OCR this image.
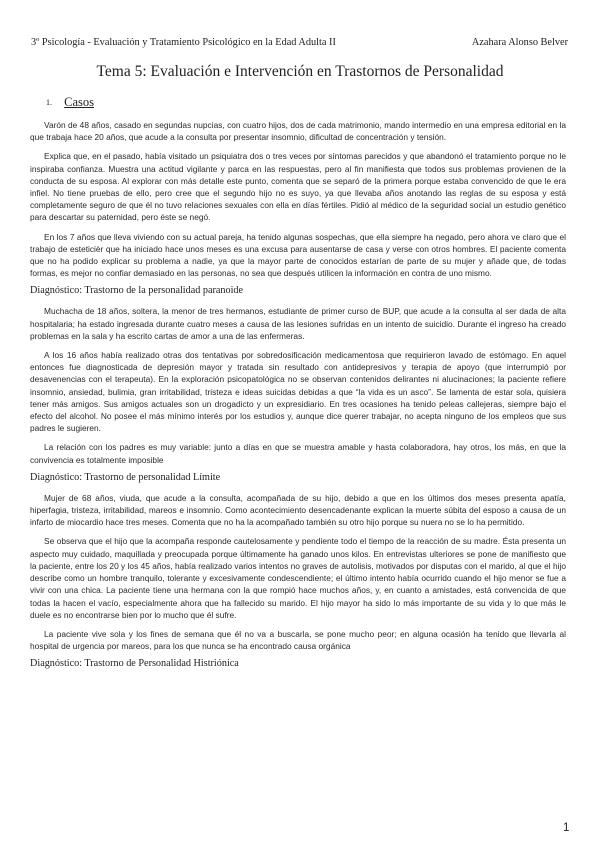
3º Psicología - Evaluación y Tratamiento Psicológico en la Edad Adulta II	Azahara Alonso Belver
Tema 5: Evaluación e Intervención en Trastornos de Personalidad
1. Casos

Varón de 48 años, casado en segundas nupcias, con cuatro hijos, dos de cada matrimonio, mando intermedio en una empresa editorial en la que trabaja hace 20 años, que acude a la consulta por presentar insomnio, dificultad de concentración y tensión.

Explica que, en el pasado, había visitado un psiquiatra dos o tres veces por síntomas parecidos y que abandonó el tratamiento porque no le inspiraba confianza. Muestra una actitud vigilante y parca en las respuestas, pero al fin manifiesta que todos sus problemas provienen de la conducta de su esposa. Al explorar con más detalle este punto, comenta que se separó de la primera porque estaba convencido de que le era infiel. No tiene pruebas de ello, pero cree que el segundo hijo no es suyo, ya que llevaba años anotando las reglas de su esposa y está completamente seguro de que él no tuvo relaciones sexuales con ella en días fértiles. Pidió al médico de la seguridad social un estudio genético para descartar su paternidad, pero éste se negó.

En los 7 años que lleva viviendo con su actual pareja, ha tenido algunas sospechas, que ella siempre ha negado, pero ahora ve claro que el trabajo de esteticièr que ha iniciado hace unos meses es una excusa para ausentarse de casa y verse con otros hombres. El paciente comenta que no ha podido explicar su problema a nadie, ya que la mayor parte de conocidos estarían de parte de su mujer y añade que, de todas formas, es mejor no confiar demasiado en las personas, no sea que después utilicen la información en contra de uno mismo.

Diagnóstico: Trastorno de la personalidad paranoide

Muchacha de 18 años, soltera, la menor de tres hermanos, estudiante de primer curso de BUP, que acude a la consulta al ser dada de alta hospitalaria; ha estado ingresada durante cuatro meses a causa de las lesiones sufridas en un intento de suicidio. Durante el ingreso ha creado problemas en la sala y ha escrito cartas de amor a una de las enfermeras.

A los 16 años había realizado otras dos tentativas por sobredosificación medicamentosa que requirieron lavado de estómago. En aquel entonces fue diagnosticada de depresión mayor y tratada sin resultado con antidepresivos y terapia de apoyo (que interrumpió por desavenencias con el terapeuta). En la exploración psicopatológica no se observan contenidos delirantes ni alucinaciones; la paciente refiere insomnio, ansiedad, bulimia, gran irritabilidad, tristeza e ideas suicidas debidas a que “la vida es un asco”. Se lamenta de estar sola, quisiera tener más amigos. Sus amigos actuales son un drogadicto y un expresidiario. En tres ocasiones ha tenido peleas callejeras, siempre bajo el efecto del alcohol. No posee el más mínimo interés por los estudios y, aunque dice querer trabajar, no acepta ninguno de los empleos que sus padres le sugieren.

La relación con los padres es muy variable: junto a días en que se muestra amable y hasta colaboradora, hay otros, los más, en que la convivencia es totalmente imposible

Diagnóstico: Trastorno de personalidad Límite

Mujer de 68 años, viuda, que acude a la consulta, acompañada de su hijo, debido a que en los últimos dos meses presenta apatía, hiperfagia, tristeza, irritabilidad, mareos e insomnio. Como acontecimiento desencadenante explican la muerte súbita del esposo a causa de un infarto de miocardio hace tres meses. Comenta que no ha la acompañado también su otro hijo porque su nuera no se lo ha permitido.

Se observa que el hijo que la acompaña responde cautelosamente y pendiente todo el tiempo de la reacción de su madre. Ésta presenta un aspecto muy cuidado, maquillada y preocupada porque últimamente ha ganado unos kilos. En entrevistas ulteriores se pone de manifiesto que la paciente, entre los 20 y los 45 años, había realizado varios intentos no graves de autolisis, motivados por disputas con el marido, al que el hijo describe como un hombre tranquilo, tolerante y excesivamente condescendiente; el último intento había ocurrido cuando el hijo menor se fue a vivir con una chica. La paciente tiene una hermana con la que rompió hace muchos años, y, en cuanto a amistades, está convencida de que todas la hacen el vacío, especialmente ahora que ha fallecido su marido. El hijo mayor ha sido lo más importante de su vida y lo que más le duele es no encontrarse bien por lo mucho que él sufre.

La paciente vive sola y los fines de semana que él no va a buscarla, se pone mucho peor; en alguna ocasión ha tenido que llevarla al hospital de urgencia por mareos, para los que nunca se ha encontrado causa orgánica

Diagnóstico: Trastorno de Personalidad Histriónica
1
